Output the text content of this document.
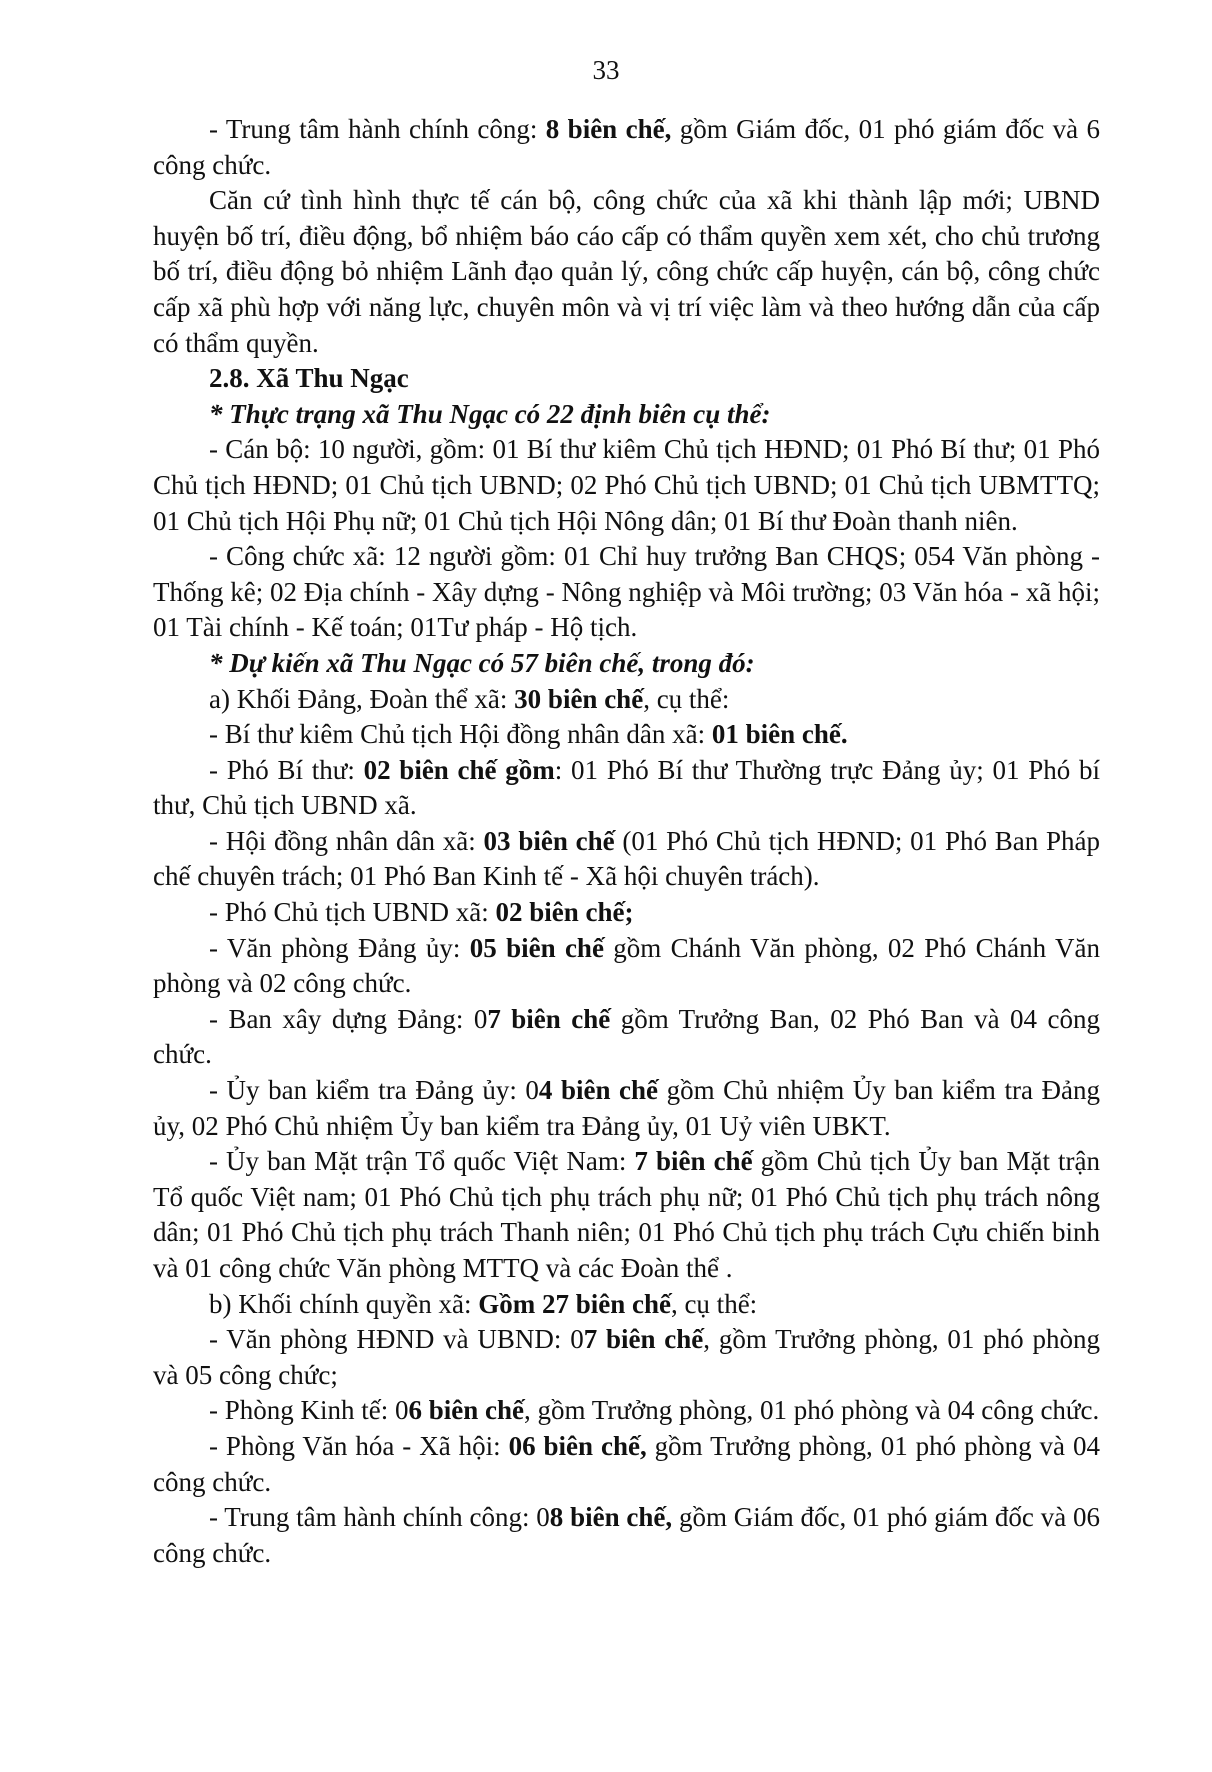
33

- Trung tâm hành chính công: 8 biên chế, gồm Giám đốc, 01 phó giám đốc và 6 công chức.

Căn cứ tình hình thực tế cán bộ, công chức của xã khi thành lập mới; UBND huyện bố trí, điều động, bổ nhiệm báo cáo cấp có thẩm quyền xem xét, cho chủ trương bố trí, điều động bỏ nhiệm Lãnh đạo quản lý, công chức cấp huyện, cán bộ, công chức cấp xã phù hợp với năng lực, chuyên môn và vị trí việc làm và theo hướng dẫn của cấp có thẩm quyền.

2.8. Xã Thu Ngạc

* Thực trạng xã Thu Ngạc có 22 định biên cụ thể:

- Cán bộ: 10 người, gồm: 01 Bí thư kiêm Chủ tịch HĐND; 01 Phó Bí thư; 01 Phó Chủ tịch HĐND; 01 Chủ tịch UBND; 02 Phó Chủ tịch UBND; 01 Chủ tịch UBMTTQ; 01 Chủ tịch Hội Phụ nữ; 01 Chủ tịch Hội Nông dân; 01 Bí thư Đoàn thanh niên.

- Công chức xã: 12 người gồm: 01 Chỉ huy trưởng Ban CHQS; 054 Văn phòng - Thống kê; 02 Địa chính - Xây dựng - Nông nghiệp và Môi trường; 03 Văn hóa - xã hội; 01 Tài chính - Kế toán; 01Tư pháp - Hộ tịch.

* Dự kiến xã Thu Ngạc có 57 biên chế, trong đó:

a) Khối Đảng, Đoàn thể xã: 30 biên chế, cụ thể:

- Bí thư kiêm Chủ tịch Hội đồng nhân dân xã: 01 biên chế.

- Phó Bí thư: 02 biên chế gồm: 01 Phó Bí thư Thường trực Đảng ủy; 01 Phó bí thư, Chủ tịch UBND xã.

- Hội đồng nhân dân xã: 03 biên chế (01 Phó Chủ tịch HĐND; 01 Phó Ban Pháp chế chuyên trách; 01 Phó Ban Kinh tế - Xã hội chuyên trách).

- Phó Chủ tịch UBND xã: 02 biên chế;

- Văn phòng Đảng ủy: 05 biên chế gồm Chánh Văn phòng, 02 Phó Chánh Văn phòng và 02 công chức.

- Ban xây dựng Đảng: 07 biên chế gồm Trưởng Ban, 02 Phó Ban và 04 công chức.

- Ủy ban kiểm tra Đảng ủy: 04 biên chế gồm Chủ nhiệm Ủy ban kiểm tra Đảng ủy, 02 Phó Chủ nhiệm Ủy ban kiểm tra Đảng ủy, 01 Uỷ viên UBKT.

- Ủy ban Mặt trận Tổ quốc Việt Nam: 7 biên chế gồm Chủ tịch Ủy ban Mặt trận Tổ quốc Việt nam; 01 Phó Chủ tịch phụ trách phụ nữ; 01 Phó Chủ tịch phụ trách nông dân; 01 Phó Chủ tịch phụ trách Thanh niên; 01 Phó Chủ tịch phụ trách Cựu chiến binh và 01 công chức Văn phòng MTTQ và các Đoàn thể .

b) Khối chính quyền xã: Gồm 27 biên chế, cụ thể:

- Văn phòng HĐND và UBND: 07 biên chế, gồm Trưởng phòng, 01 phó phòng và 05 công chức;

- Phòng Kinh tế: 06 biên chế, gồm Trưởng phòng, 01 phó phòng và 04 công chức.

- Phòng Văn hóa - Xã hội: 06 biên chế, gồm Trưởng phòng, 01 phó phòng và 04 công chức.

- Trung tâm hành chính công: 08 biên chế, gồm Giám đốc, 01 phó giám đốc và 06 công chức.
